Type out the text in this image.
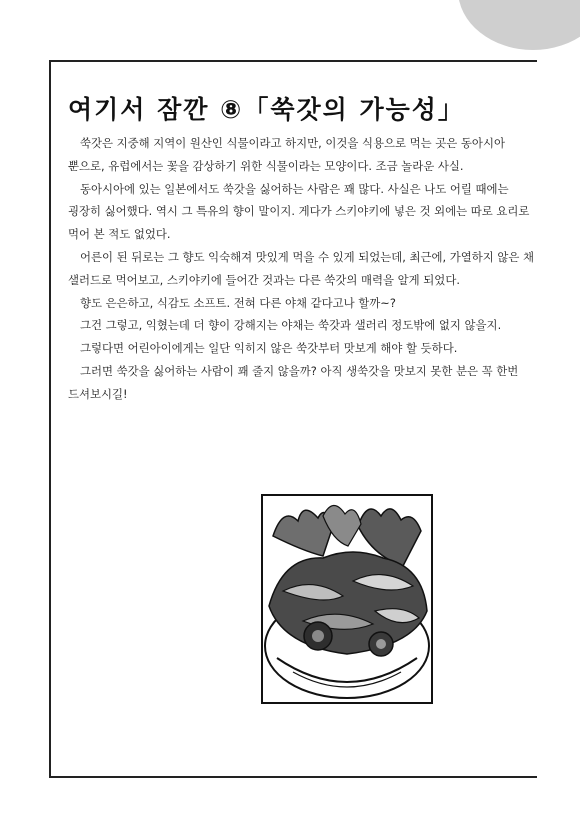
여기서 잠깐 ⑧「쑥갓의 가능성」

쑥갓은 지중해 지역이 원산인 식물이라고 하지만, 이것을 식용으로 먹는 곳은 동아시아 뿐으로, 유럽에서는 꽃을 감상하기 위한 식물이라는 모양이다. 조금 놀라운 사실.

동아시아에 있는 일본에서도 쑥갓을 싫어하는 사람은 꽤 많다. 사실은 나도 어릴 때에는 굉장히 싫어했다. 역시 그 특유의 향이 말이지. 게다가 스키야키에 넣은 것 외에는 따로 요리로 먹어 본 적도 없었다.

어른이 된 뒤로는 그 향도 익숙해져 맛있게 먹을 수 있게 되었는데, 최근에, 가열하지 않은 채 샐러드로 먹어보고, 스키야키에 들어간 것과는 다른 쑥갓의 매력을 알게 되었다.

향도 은은하고, 식감도 소프트. 전혀 다른 야채 같다고나 할까~?

그건 그렇고, 익혔는데 더 향이 강해지는 야채는 쑥갓과 샐러리 정도밖에 없지 않을지.

그렇다면 어린아이에게는 일단 익히지 않은 쑥갓부터 맛보게 해야 할 듯하다.

그러면 쑥갓을 싫어하는 사람이 꽤 줄지 않을까? 아직 생쑥갓을 맛보지 못한 분은 꼭 한번 드셔보시길!
